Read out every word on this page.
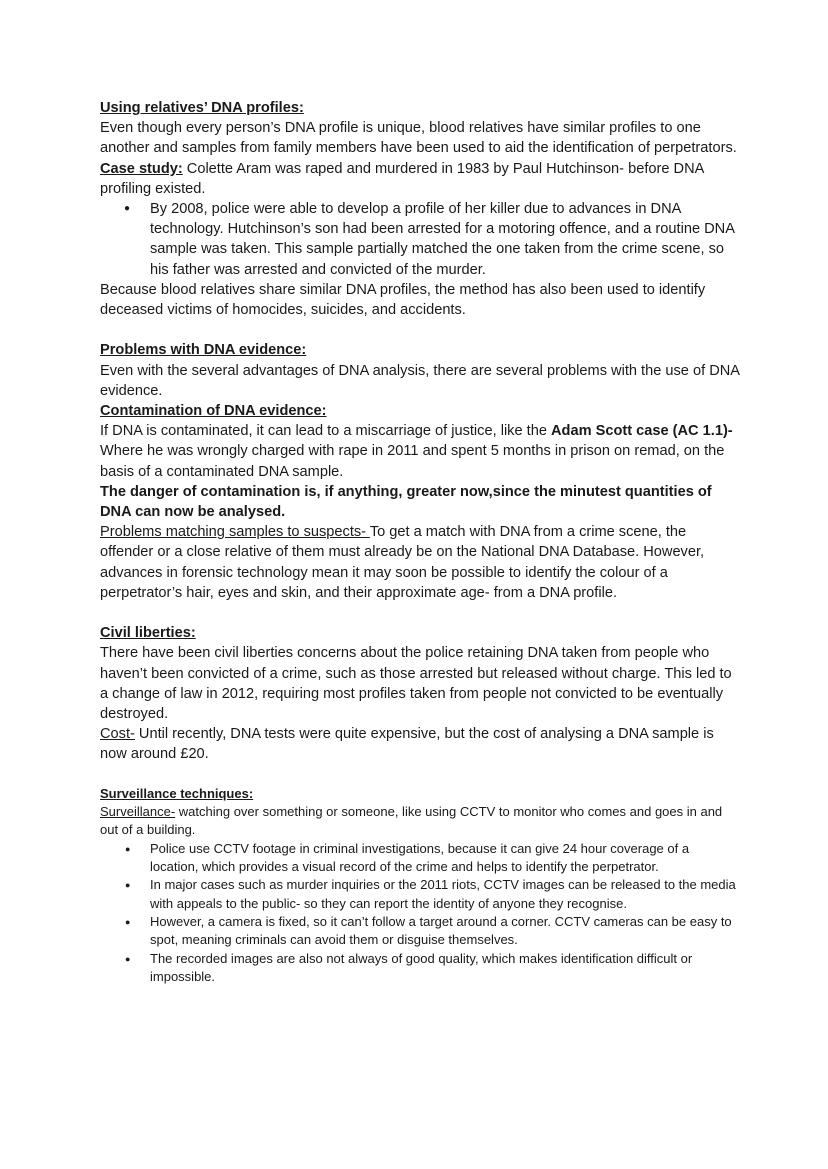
Using relatives’ DNA profiles:

Even though every person’s DNA profile is unique, blood relatives have similar profiles to one another and samples from family members have been used to aid the identification of perpetrators.

Case study: Colette Aram was raped and murdered in 1983 by Paul Hutchinson- before DNA profiling existed.

● By 2008, police were able to develop a profile of her killer due to advances in DNA technology. Hutchinson’s son had been arrested for a motoring offence, and a routine DNA sample was taken. This sample partially matched the one taken from the crime scene, so his father was arrested and convicted of the murder.

Because blood relatives share similar DNA profiles, the method has also been used to identify deceased victims of homocides, suicides, and accidents.

Problems with DNA evidence:

Even with the several advantages of DNA analysis, there are several problems with the use of DNA evidence.

Contamination of DNA evidence:

If DNA is contaminated, it can lead to a miscarriage of justice, like the Adam Scott case (AC 1.1)- Where he was wrongly charged with rape in 2011 and spent 5 months in prison on remad, on the basis of a contaminated DNA sample.

The danger of contamination is, if anything, greater now,since the minutest quantities of DNA can now be analysed.

Problems matching samples to suspects- To get a match with DNA from a crime scene, the offender or a close relative of them must already be on the National DNA Database. However, advances in forensic technology mean it may soon be possible to identify the colour of a perpetrator’s hair, eyes and skin, and their approximate age- from a DNA profile.

Civil liberties:

There have been civil liberties concerns about the police retaining DNA taken from people who haven’t been convicted of a crime, such as those arrested but released without charge. This led to a change of law in 2012, requiring most profiles taken from people not convicted to be eventually destroyed.

Cost- Until recently, DNA tests were quite expensive, but the cost of analysing a DNA sample is now around £20.

Surveillance techniques:

Surveillance- watching over something or someone, like using CCTV to monitor who comes and goes in and out of a building.

● Police use CCTV footage in criminal investigations, because it can give 24 hour coverage of a location, which provides a visual record of the crime and helps to identify the perpetrator.
● In major cases such as murder inquiries or the 2011 riots, CCTV images can be released to the media with appeals to the public- so they can report the identity of anyone they recognise.
● However, a camera is fixed, so it can’t follow a target around a corner. CCTV cameras can be easy to spot, meaning criminals can avoid them or disguise themselves.
● The recorded images are also not always of good quality, which makes identification difficult or impossible.
